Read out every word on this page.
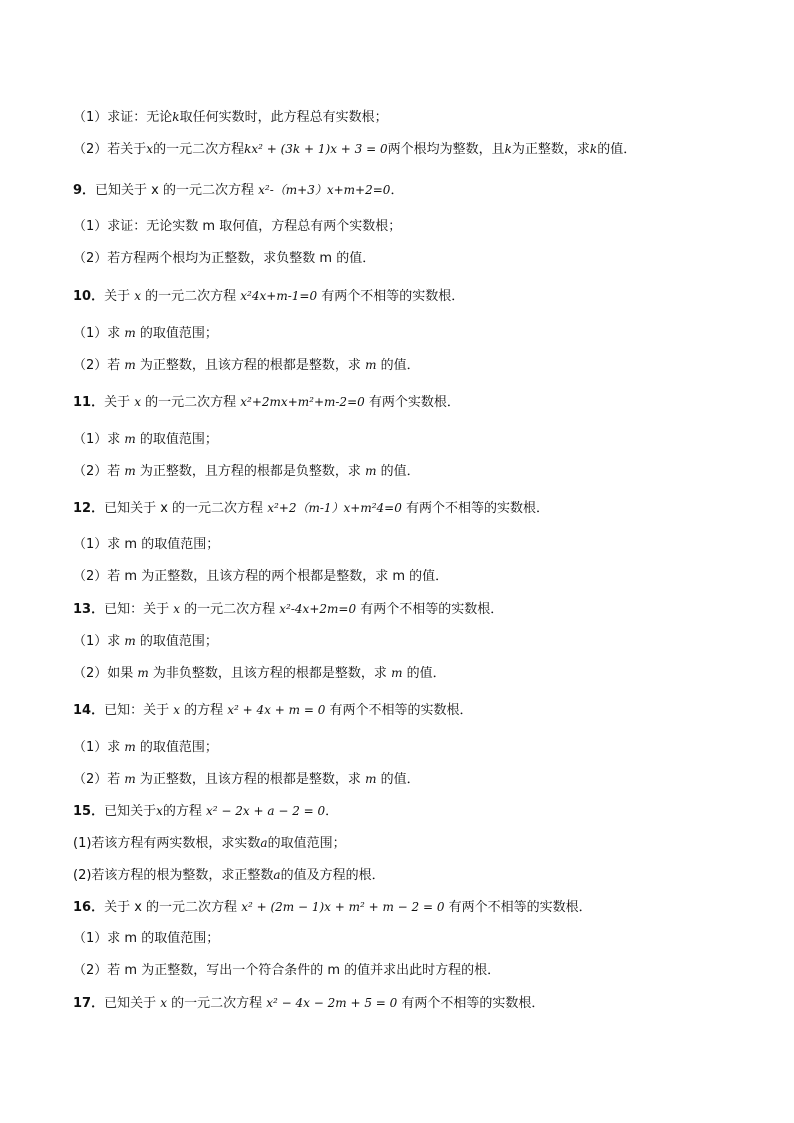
（1）求证：无论k取任何实数时，此方程总有实数根；
（2）若关于x的一元二次方程kx² + (3k + 1)x + 3 = 0两个根均为整数，且k为正整数，求k的值．
9．已知关于 x 的一元二次方程 x²-（m+3）x+m+2=0．
（1）求证：无论实数 m 取何值，方程总有两个实数根；
（2）若方程两个根均为正整数，求负整数 m 的值．
10．关于 x 的一元二次方程 x²4x+m-1=0 有两个不相等的实数根．
（1）求 m 的取值范围；
（2）若 m 为正整数，且该方程的根都是整数，求 m 的值．
11．关于 x 的一元二次方程 x²+2mx+m²+m-2=0 有两个实数根．
（1）求 m 的取值范围；
（2）若 m 为正整数，且方程的根都是负整数，求 m 的值．
12．已知关于 x 的一元二次方程 x²+2（m-1）x+m²4=0 有两个不相等的实数根．
（1）求 m 的取值范围；
（2）若 m 为正整数，且该方程的两个根都是整数，求 m 的值．
13．已知：关于 x 的一元二次方程 x²-4x+2m=0 有两个不相等的实数根．
（1）求 m 的取值范围；
（2）如果 m 为非负整数，且该方程的根都是整数，求 m 的值．
14．已知：关于 x 的方程 x² + 4x + m = 0 有两个不相等的实数根．
（1）求 m 的取值范围；
（2）若 m 为正整数，且该方程的根都是整数，求 m 的值．
15．已知关于x的方程 x² − 2x + a − 2 = 0．
(1)若该方程有两实数根，求实数a的取值范围；
(2)若该方程的根为整数，求正整数a的值及方程的根．
16．关于 x 的一元二次方程 x² + (2m − 1)x + m² + m − 2 = 0 有两个不相等的实数根．
（1）求 m 的取值范围；
（2）若 m 为正整数，写出一个符合条件的 m 的值并求出此时方程的根．
17．已知关于 x 的一元二次方程 x² − 4x − 2m + 5 = 0 有两个不相等的实数根．
